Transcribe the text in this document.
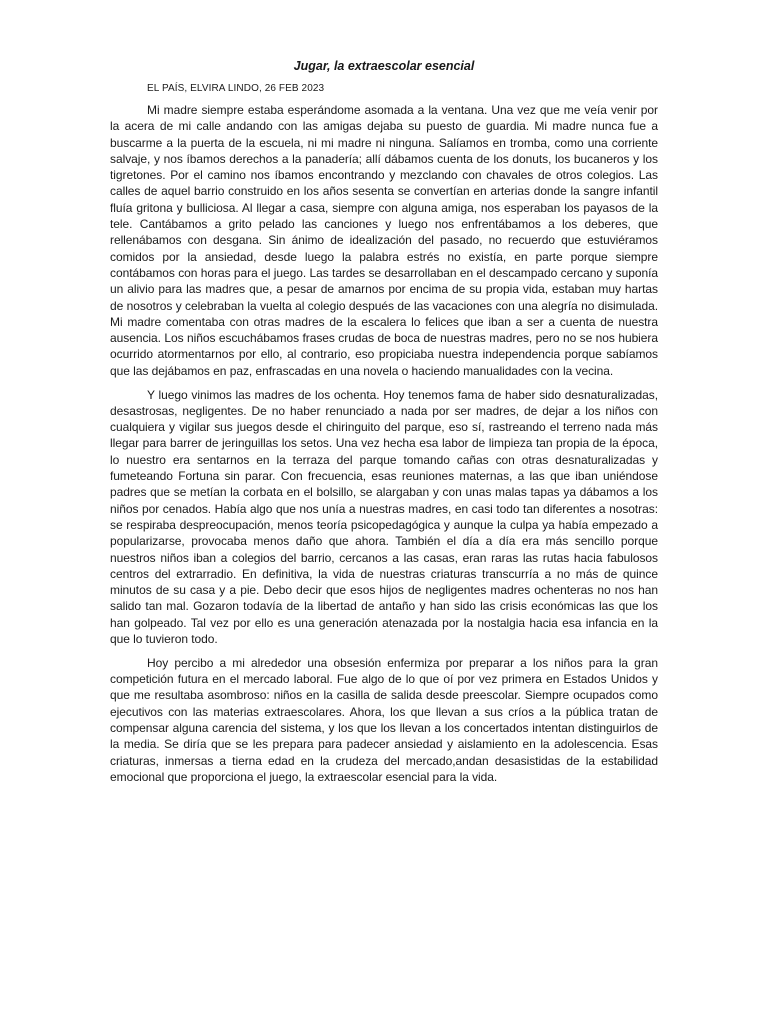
Jugar, la extraescolar esencial
EL PAÍS, ELVIRA LINDO, 26 FEB 2023

Mi madre siempre estaba esperándome asomada a la ventana. Una vez que me veía venir por la acera de mi calle andando con las amigas dejaba su puesto de guardia. Mi madre nunca fue a buscarme a la puerta de la escuela, ni mi madre ni ninguna. Salíamos en tromba, como una corriente salvaje, y nos íbamos derechos a la panadería; allí dábamos cuenta de los donuts, los bucaneros y los tigretones. Por el camino nos íbamos encontrando y mezclando con chavales de otros colegios. Las calles de aquel barrio construido en los años sesenta se convertían en arterias donde la sangre infantil fluía gritona y bulliciosa. Al llegar a casa, siempre con alguna amiga, nos esperaban los payasos de la tele. Cantábamos a grito pelado las canciones y luego nos enfrentábamos a los deberes, que rellenábamos con desgana. Sin ánimo de idealización del pasado, no recuerdo que estuviéramos comidos por la ansiedad, desde luego la palabra estrés no existía, en parte porque siempre contábamos con horas para el juego. Las tardes se desarrollaban en el descampado cercano y suponía un alivio para las madres que, a pesar de amarnos por encima de su propia vida, estaban muy hartas de nosotros y celebraban la vuelta al colegio después de las vacaciones con una alegría no disimulada. Mi madre comentaba con otras madres de la escalera lo felices que iban a ser a cuenta de nuestra ausencia. Los niños escuchábamos frases crudas de boca de nuestras madres, pero no se nos hubiera ocurrido atormentarnos por ello, al contrario, eso propiciaba nuestra independencia porque sabíamos que las dejábamos en paz, enfrascadas en una novela o haciendo manualidades con la vecina.

Y luego vinimos las madres de los ochenta. Hoy tenemos fama de haber sido desnaturalizadas, desastrosas, negligentes. De no haber renunciado a nada por ser madres, de dejar a los niños con cualquiera y vigilar sus juegos desde el chiringuito del parque, eso sí, rastreando el terreno nada más llegar para barrer de jeringuillas los setos. Una vez hecha esa labor de limpieza tan propia de la época, lo nuestro era sentarnos en la terraza del parque tomando cañas con otras desnaturalizadas y fumeteando Fortuna sin parar. Con frecuencia, esas reuniones maternas, a las que iban uniéndose padres que se metían la corbata en el bolsillo, se alargaban y con unas malas tapas ya dábamos a los niños por cenados. Había algo que nos unía a nuestras madres, en casi todo tan diferentes a nosotras: se respiraba despreocupación, menos teoría psicopedagógica y aunque la culpa ya había empezado a popularizarse, provocaba menos daño que ahora. También el día a día era más sencillo porque nuestros niños iban a colegios del barrio, cercanos a las casas, eran raras las rutas hacia fabulosos centros del extrarradio. En definitiva, la vida de nuestras criaturas transcurría a no más de quince minutos de su casa y a pie. Debo decir que esos hijos de negligentes madres ochenteras no nos han salido tan mal. Gozaron todavía de la libertad de antaño y han sido las crisis económicas las que los han golpeado. Tal vez por ello es una generación atenazada por la nostalgia hacia esa infancia en la que lo tuvieron todo.

Hoy percibo a mi alrededor una obsesión enfermiza por preparar a los niños para la gran competición futura en el mercado laboral. Fue algo de lo que oí por vez primera en Estados Unidos y que me resultaba asombroso: niños en la casilla de salida desde preescolar. Siempre ocupados como ejecutivos con las materias extraescolares. Ahora, los que llevan a sus críos a la pública tratan de compensar alguna carencia del sistema, y los que los llevan a los concertados intentan distinguirlos de la media. Se diría que se les prepara para padecer ansiedad y aislamiento en la adolescencia. Esas criaturas, inmersas a tierna edad en la crudeza del mercado,andan desasistidas de la estabilidad emocional que proporciona el juego, la extraescolar esencial para la vida.
